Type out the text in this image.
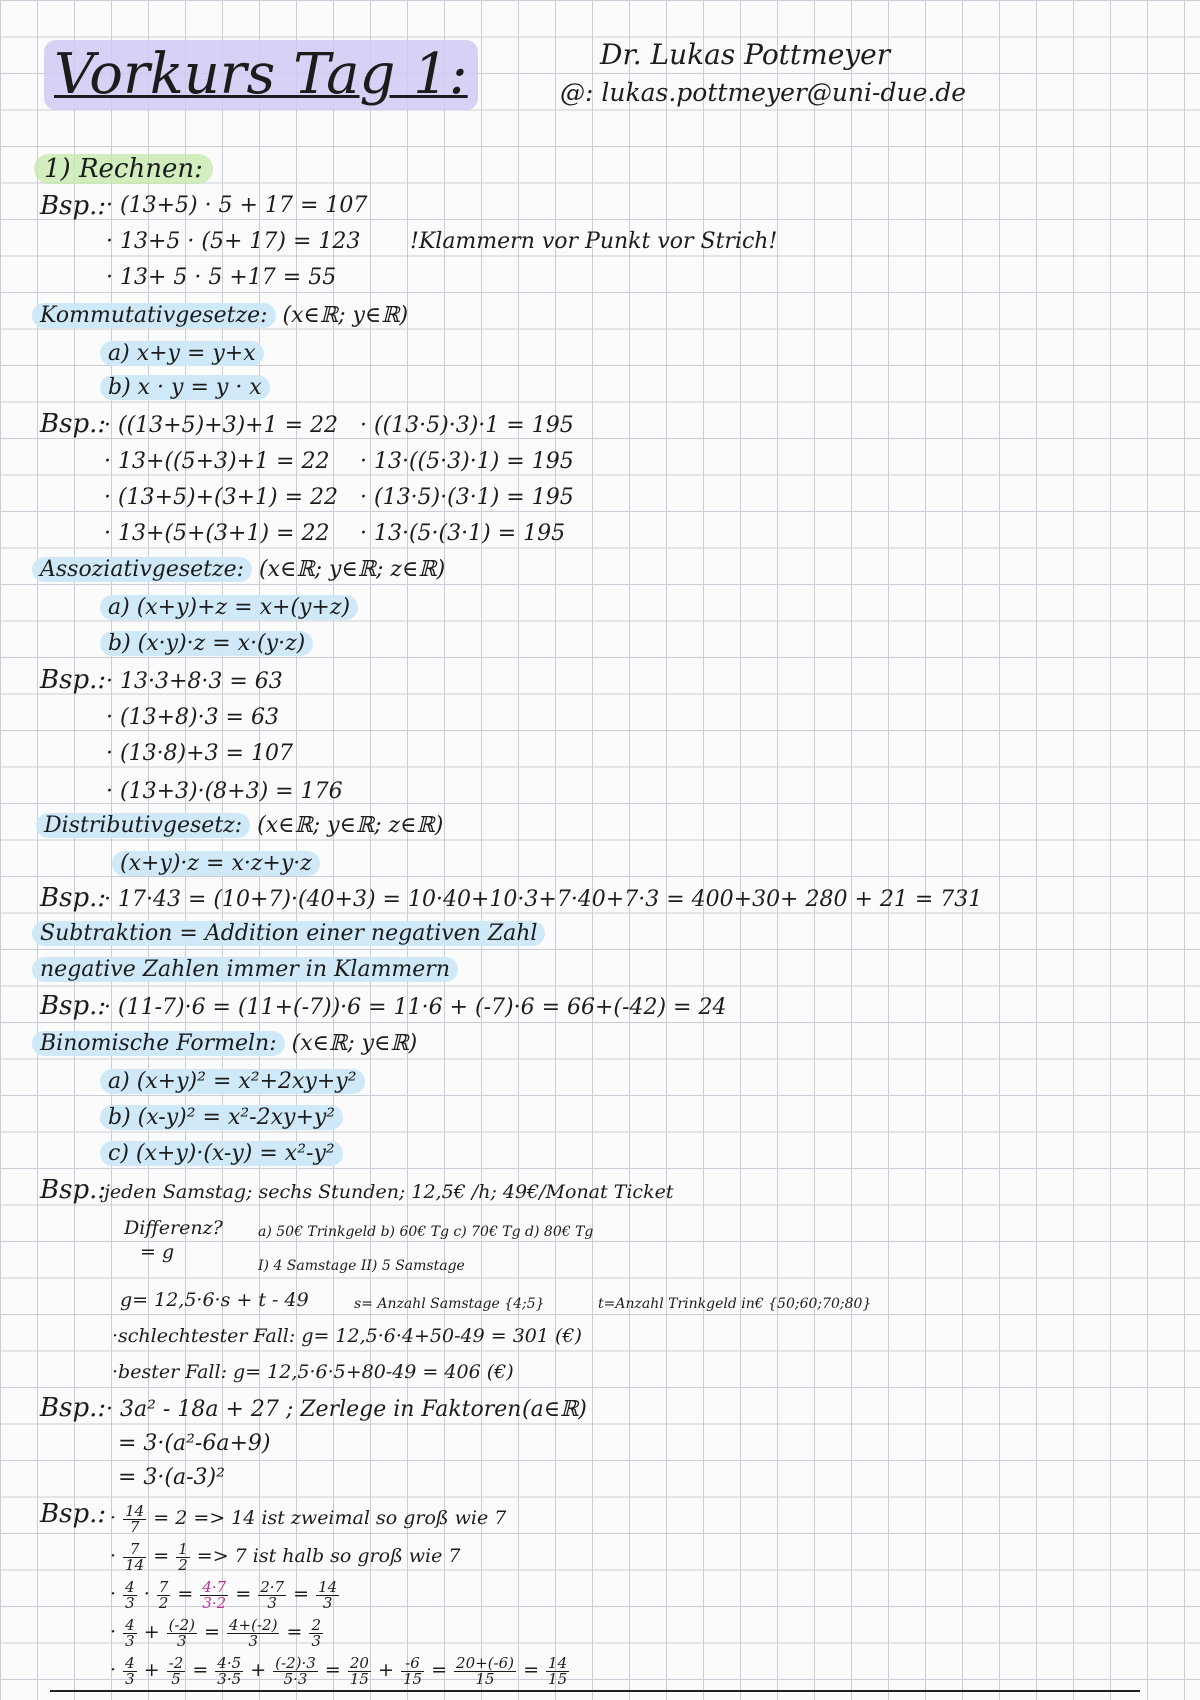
Vorkurs Tag 1:	Dr. Lukas Pottmeyer
@: lukas.pottmeyer@uni-due.de
1) Rechnen:
Bsp.: · (13+5) · 5 + 17 = 107
· 13+5 · (5+ 17) = 123
· 13+ 5 · 5 +17 = 55
!Klammern vor Punkt vor Strich!
Kommutativgesetze: (x∈ℝ; y∈ℝ)
a) x+y = y+x
b) x · y = y · x
Bsp.:
· ((13+5)+3)+1 = 22
· 13+((5+3)+1 = 22
· (13+5)+(3+1) = 22
· 13+(5+(3+1) = 22
· ((13·5)·3)·1 = 195
· 13·((5·3)·1) = 195
· (13·5)·(3·1) = 195
· 13·(5·(3·1) = 195
Assoziativgesetze: (x∈ℝ; y∈ℝ; z∈ℝ)
a) (x+y)+z = x+(y+z)
b) (x·y)·z = x·(y·z)
Bsp.: · 13·3+8·3 = 63
· (13+8)·3 = 63
· (13·8)+3 = 107
· (13+3)·(8+3) = 176
Distributivgesetz: (x∈ℝ; y∈ℝ; z∈ℝ)
(x+y)·z = x·z+y·z
Bsp.:
· 17·43 = (10+7)·(40+3) = 10·40+10·3+7·40+7·3 = 400+30+ 280 + 21 = 731
Subtraktion = Addition einer negativen Zahl
negative Zahlen immer in Klammern
Bsp.:
· (11-7)·6 = (11+(-7))·6 = 11·6 + (-7)·6 = 66+(-42) = 24
Binomische Formeln: (x∈ℝ; y∈ℝ)
a) (x+y)² = x²+2xy+y²
b) (x-y)² = x²-2xy+y²
c) (x+y)·(x-y) = x²-y²
Bsp.:
jeden Samstag; sechs Stunden; 12,5€ /h; 49€/Monat Ticket
Differenz?
= g
a) 50€ Trinkgeld b) 60€ Tg c) 70€ Tg d) 80€ Tg
I) 4 Samstage II) 5 Samstage
g= 12,5·6·s + t - 49	s= Anzahl Samstage {4;5}	t=Anzahl Trinkgeld in€ {50;60;70;80}
·schlechtester Fall: g= 12,5·6·4+50-49 = 301 (€)
·bester Fall: g= 12,5·6·5+80-49 = 406 (€)
Bsp.: · 3a² - 18a + 27 ; Zerlege in Faktoren (a∈ℝ)
= 3·(a²-6a+9)
= 3·(a-3)²
Bsp.: · $\frac{14}{7} = 2 => 14$ ist zweimal so groß wie 7
· $\frac{7}{14} = \frac{1}{2} => 7$ ist halb so groß wie 7
· $\frac{4}{3} \cdot \frac{7}{2} = \frac{4\cdot 7}{3\cdot 2} = \frac{2\cdot 7}{3} = \frac{14}{3}$
· $\frac{4}{3} + \frac{(-2)}{3} = \frac{4+(-2)}{3} = \frac{2}{3}$
· $\frac{4}{3} + \frac{-2}{5} = \frac{4\cdot 5}{3\cdot 5} + \frac{(-2)\cdot 3}{5\cdot 3} = \frac{20}{15} + \frac{-6}{15} = \frac{20+(-6)}{15} = \frac{14}{15}$
